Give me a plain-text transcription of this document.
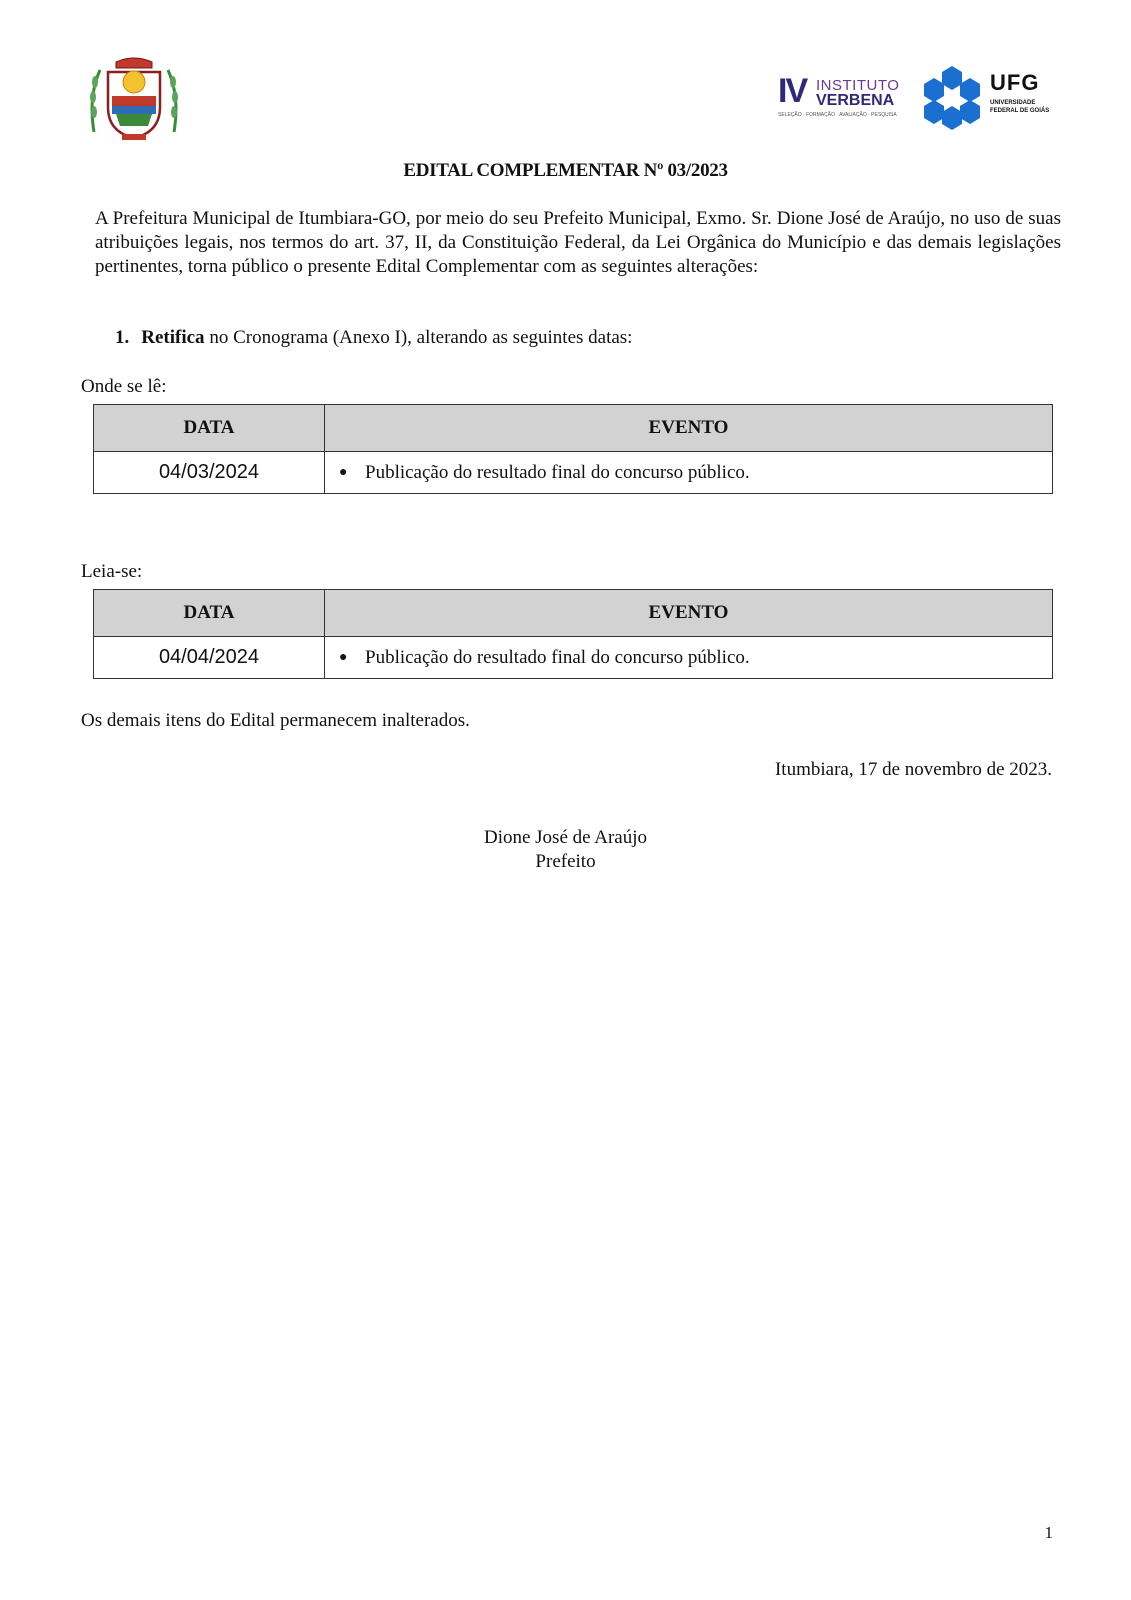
IV INSTITUTO
VERBENA
SELEÇÃO · FORMAÇÃO · AVALIAÇÃO · PESQUISA
UFG
UNIVERSIDADE
FEDERAL DE GOIÁS
EDITAL COMPLEMENTAR Nº 03/2023
A Prefeitura Municipal de Itumbiara-GO, por meio do seu Prefeito Municipal, Exmo. Sr. Dione José de Araújo, no uso de suas atribuições legais, nos termos do art. 37, II, da Constituição Federal, da Lei Orgânica do Município e das demais legislações pertinentes, torna público o presente Edital Complementar com as seguintes alterações:
1. Retifica no Cronograma (Anexo I), alterando as seguintes datas:
Onde se lê:
DATA	EVENTO
04/03/2024	● Publicação do resultado final do concurso público.
Leia-se:
DATA	EVENTO
04/04/2024	● Publicação do resultado final do concurso público.
Os demais itens do Edital permanecem inalterados.
Itumbiara, 17 de novembro de 2023.
Dione José de Araújo
Prefeito
1
